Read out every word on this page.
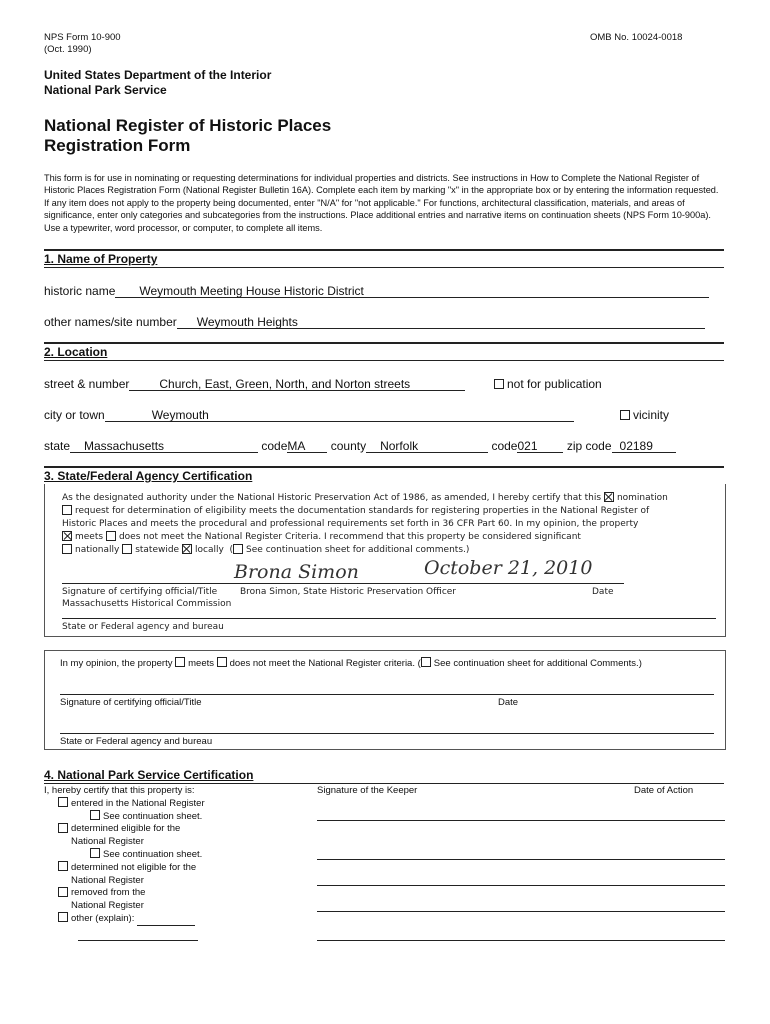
NPS Form 10-900
(Oct. 1990)
OMB No. 10024-0018
United States Department of the Interior
National Park Service
National Register of Historic Places
Registration Form
This form is for use in nominating or requesting determinations for individual properties and districts. See instructions in How to Complete the National Register of Historic Places Registration Form (National Register Bulletin 16A). Complete each item by marking "x" in the appropriate box or by entering the information requested. If any item does not apply to the property being documented, enter "N/A" for "not applicable." For functions, architectural classification, materials, and areas of significance, enter only categories and subcategories from the instructions. Place additional entries and narrative items on continuation sheets (NPS Form 10-900a). Use a typewriter, word processor, or computer, to complete all items.
1. Name of Property
historic name Weymouth Meeting House Historic District
other names/site number Weymouth Heights
2. Location
street & number	Church, East, Green, North, and Norton streets	not for publication
city or town	Weymouth	vicinity
state Massachusetts	codeMA county Norfolk	code021 zip code 02189
3. State/Federal Agency Certification
As the designated authority under the National Historic Preservation Act of 1986, as amended, I hereby certify that this nomination
request for determination of eligibility meets the documentation standards for registering properties in the National Register of
Historic Places and meets the procedural and professional requirements set forth in 36 CFR Part 60. In my opinion, the property
meets does not meet the National Register Criteria. I recommend that this property be considered significant
nationally statewide locally ( See continuation sheet for additional comments.)
Brona Simon	October 21, 2010
Signature of certifying official/Title	Brona Simon, State Historic Preservation Officer	Date
Massachusetts Historical Commission
State or Federal agency and bureau
In my opinion, the property meets does not meet the National Register criteria. ( See continuation sheet for additional Comments.)
Signature of certifying official/Title	Date
State or Federal agency and bureau
4. National Park Service Certification
I, hereby certify that this property is:
entered in the National Register
See continuation sheet.
determined eligible for the
National Register
See continuation sheet.
determined not eligible for the
National Register
removed from the
National Register
other (explain):
Signature of the Keeper	Date of Action
